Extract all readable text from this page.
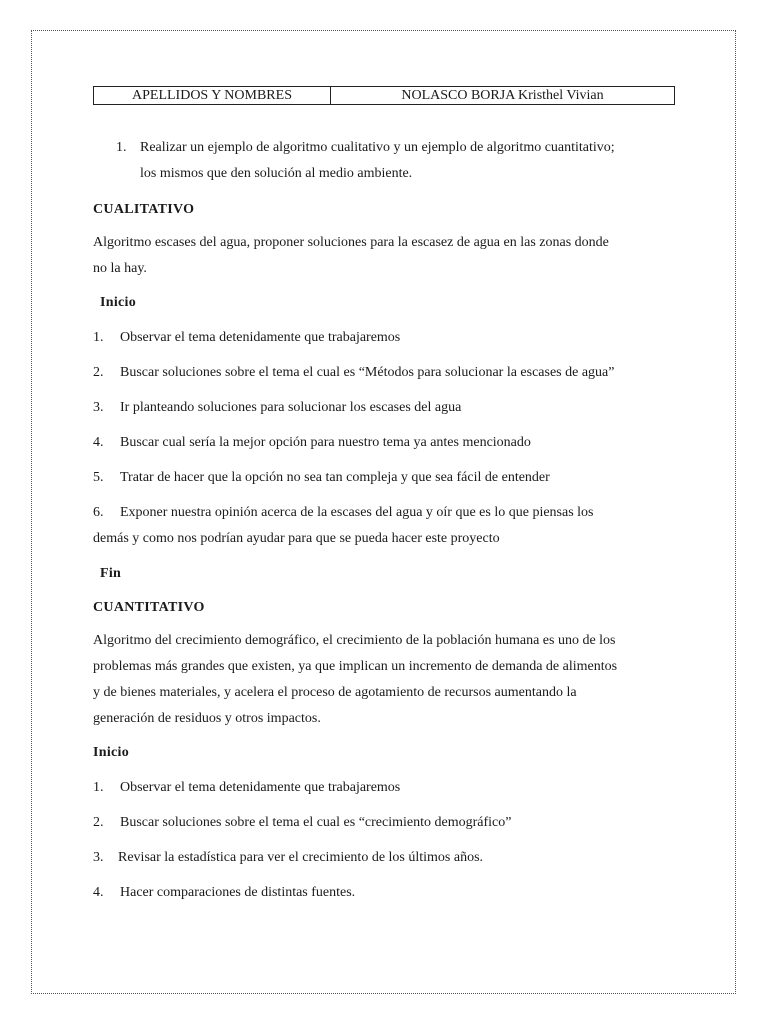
APELLIDOS Y NOMBRES	NOLASCO BORJA Kristhel Vivian

1. Realizar un ejemplo de algoritmo cualitativo y un ejemplo de algoritmo cuantitativo;

los mismos que den solución al medio ambiente.

CUALITATIVO

Algoritmo escases del agua, proponer soluciones para la escasez de agua en las zonas donde

no la hay.

Inicio

1. Observar el tema detenidamente que trabajaremos

2. Buscar soluciones sobre el tema el cual es “Métodos para solucionar la escases de agua”

3. Ir planteando soluciones para solucionar los escases del agua

4. Buscar cual sería la mejor opción para nuestro tema ya antes mencionado

5. Tratar de hacer que la opción no sea tan compleja y que sea fácil de entender

6. Exponer nuestra opinión acerca de la escases del agua y oír que es lo que piensas los

demás y como nos podrían ayudar para que se pueda hacer este proyecto

Fin

CUANTITATIVO

Algoritmo del crecimiento demográfico, el crecimiento de la población humana es uno de los

problemas más grandes que existen, ya que implican un incremento de demanda de alimentos

y de bienes materiales, y acelera el proceso de agotamiento de recursos aumentando la

generación de residuos y otros impactos.

Inicio

1. Observar el tema detenidamente que trabajaremos

2. Buscar soluciones sobre el tema el cual es “crecimiento demográfico”

3. Revisar la estadística para ver el crecimiento de los últimos años.

4. Hacer comparaciones de distintas fuentes.
